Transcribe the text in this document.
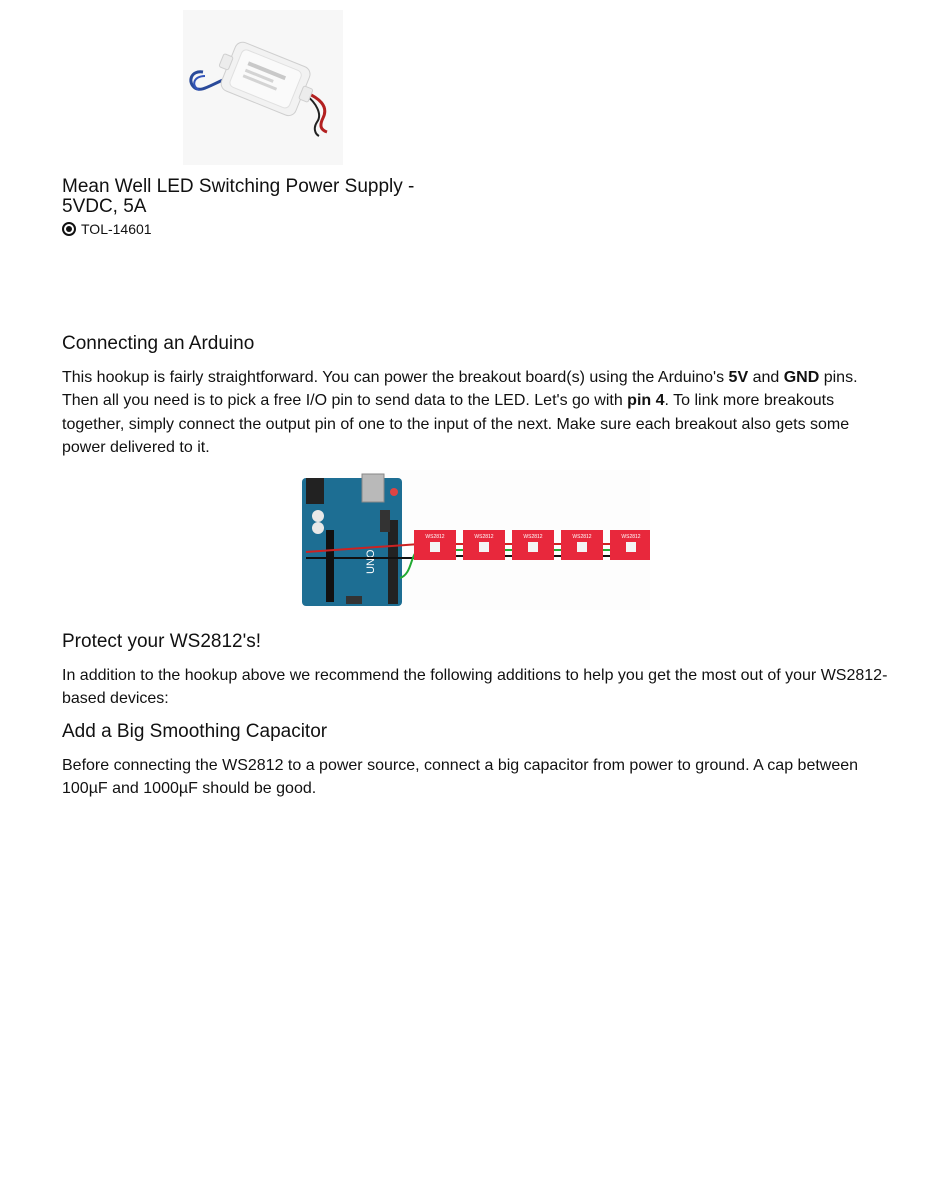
Mean Well LED Switching Power Supply -
5VDC, 5A
TOL-14601
Connecting an Arduino

This hookup is fairly straightforward. You can power the breakout board(s) using the Arduino's 5V and GND pins. Then all you need is to pick a free I/O pin to send data to the LED. Let's go with pin 4. To link more breakouts together, simply connect the output pin of one to the input of the next. Make sure each breakout also gets some power delivered to it.

UNO
WS2812	WS2812	WS2812	WS2812	WS2812
Protect your WS2812's!

In addition to the hookup above we recommend the following additions to help you get the most out of your WS2812-based devices:

Add a Big Smoothing Capacitor

Before connecting the WS2812 to a power source, connect a big capacitor from power to ground. A cap between 100µF and 1000µF should be good.
